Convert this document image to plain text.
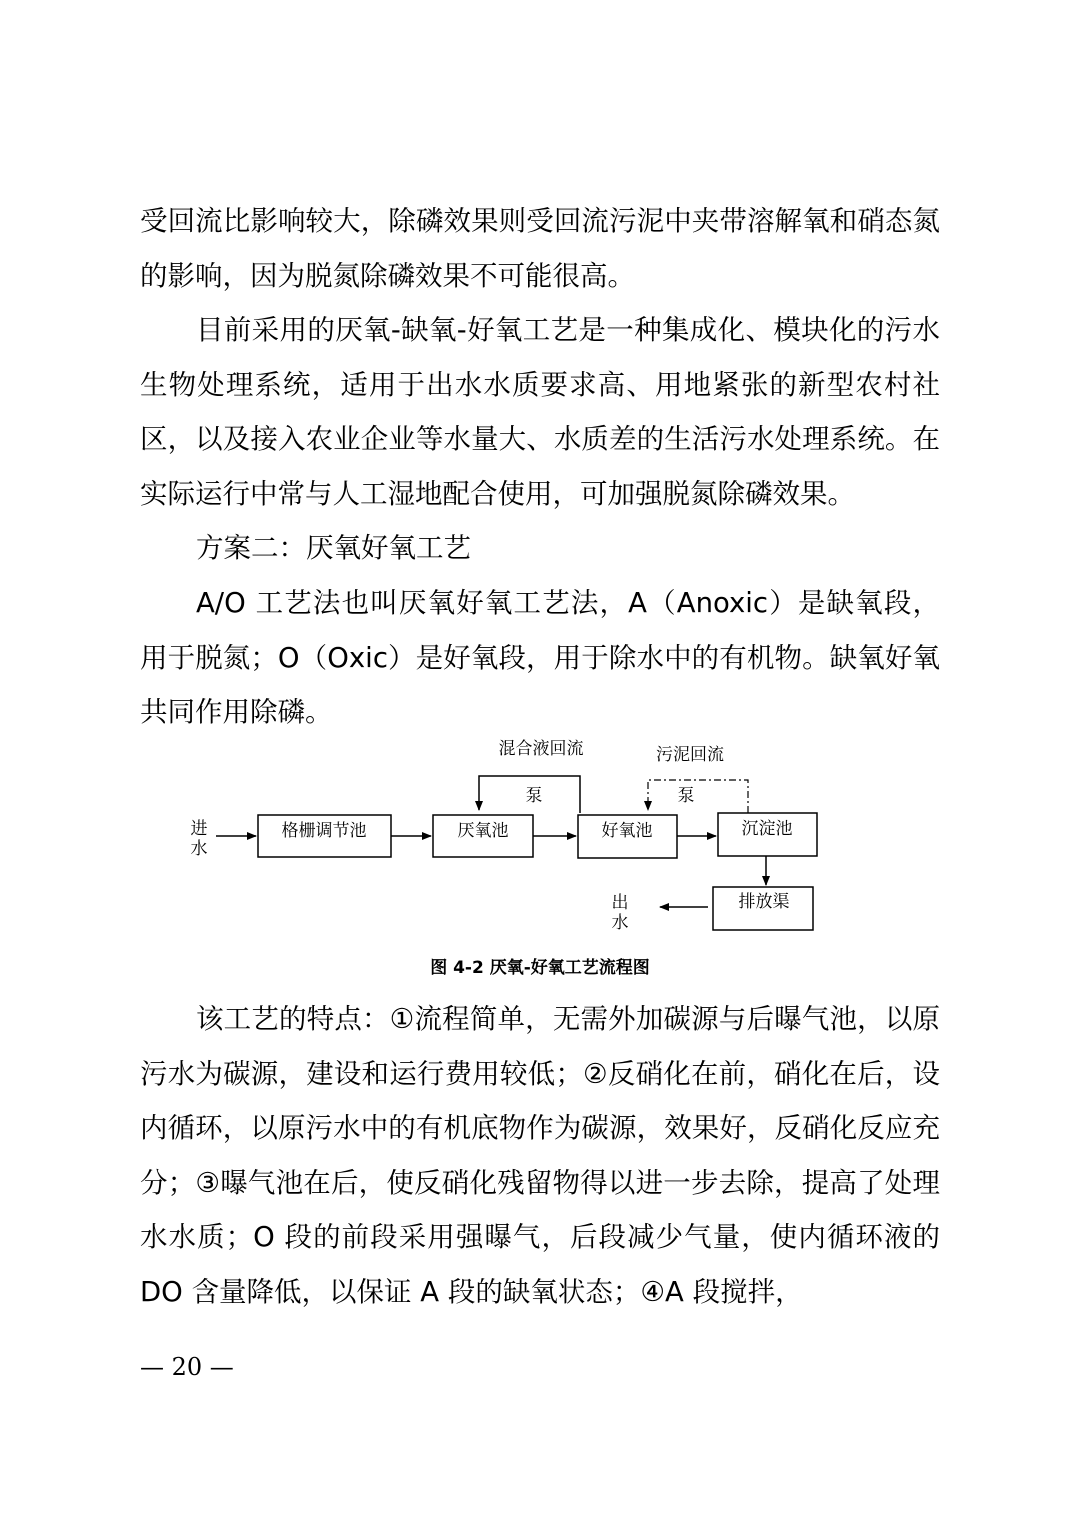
受回流比影响较大，除磷效果则受回流污泥中夹带溶解氧和硝态氮的影响，因为脱氮除磷效果不可能很高。

目前采用的厌氧-缺氧-好氧工艺是一种集成化、模块化的污水生物处理系统，适用于出水水质要求高、用地紧张的新型农村社区，以及接入农业企业等水量大、水质差的生活污水处理系统。在实际运行中常与人工湿地配合使用，可加强脱氮除磷效果。

方案二：厌氧好氧工艺

A/O 工艺法也叫厌氧好氧工艺法，A（Anoxic）是缺氧段，用于脱氮；O（Oxic）是好氧段，用于除水中的有机物。缺氧好氧共同作用除磷。

进
水
格栅调节池	厌氧池	好氧池	沉淀池
排放渠
混合液回流
泵
污泥回流
泵
出
水
图 4-2 厌氧-好氧工艺流程图

该工艺的特点：①流程简单，无需外加碳源与后曝气池，以原污水为碳源，建设和运行费用较低；②反硝化在前，硝化在后，设内循环，以原污水中的有机底物作为碳源，效果好，反硝化反应充分；③曝气池在后，使反硝化残留物得以进一步去除，提高了处理水水质；O 段的前段采用强曝气，后段减少气量，使内循环液的 DO 含量降低，以保证 A 段的缺氧状态；④A 段搅拌，

— 20 —
